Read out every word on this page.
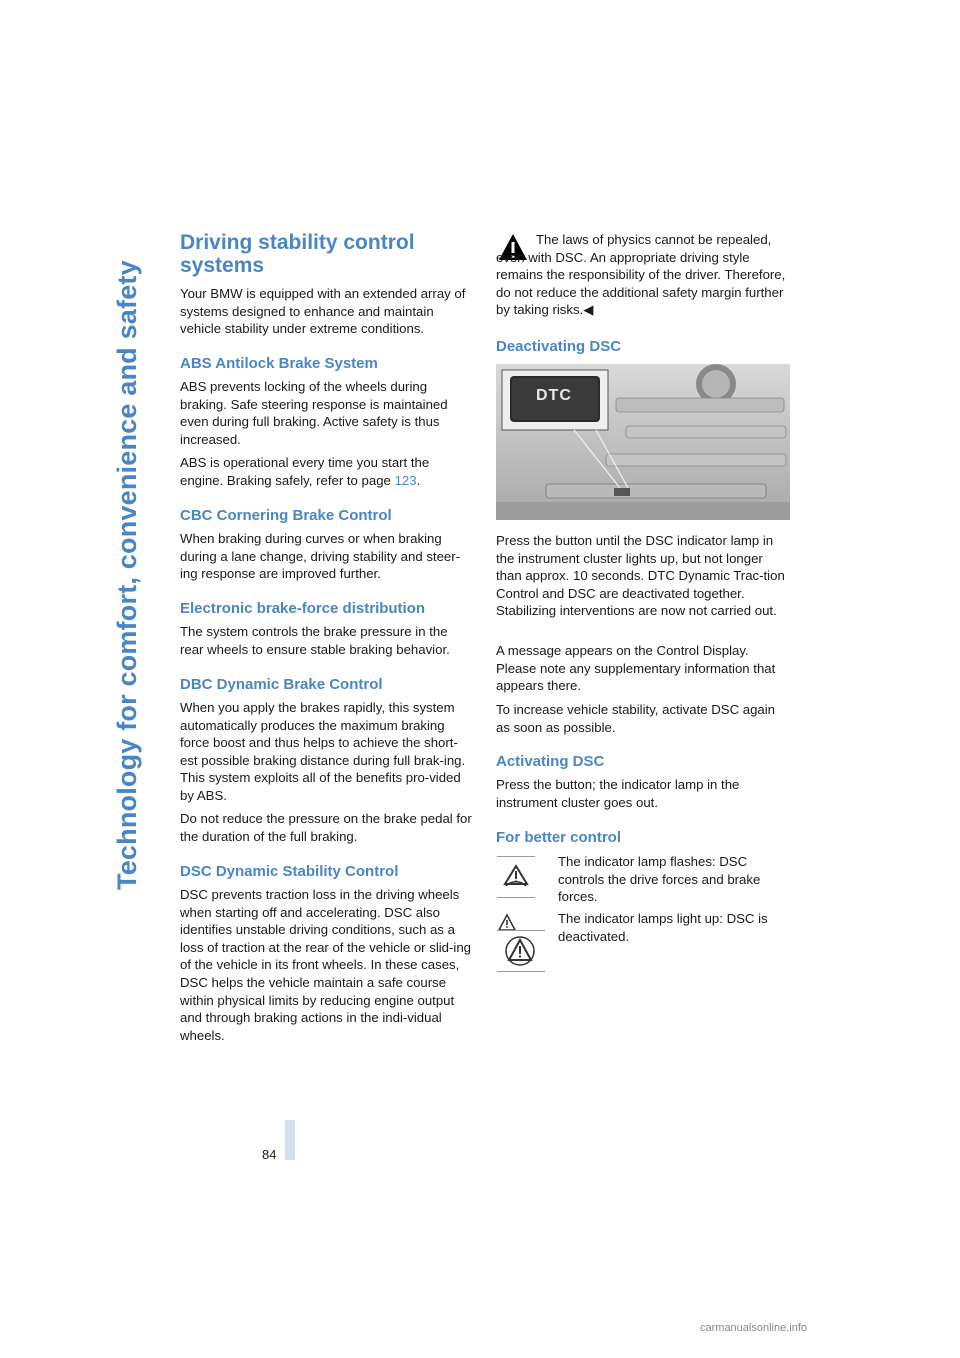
Technology for comfort, convenience and safety
Driving stability control systems

Your BMW is equipped with an extended array of systems designed to enhance and maintain vehicle stability under extreme conditions.

ABS Antilock Brake System

ABS prevents locking of the wheels during braking. Safe steering response is maintained even during full braking. Active safety is thus increased.

ABS is operational every time you start the engine. Braking safely, refer to page 123.

CBC Cornering Brake Control

When braking during curves or when braking during a lane change, driving stability and steer-ing response are improved further.

Electronic brake-force distribution

The system controls the brake pressure in the rear wheels to ensure stable braking behavior.

DBC Dynamic Brake Control

When you apply the brakes rapidly, this system automatically produces the maximum braking force boost and thus helps to achieve the short-est possible braking distance during full brak-ing. This system exploits all of the benefits pro-vided by ABS.

Do not reduce the pressure on the brake pedal for the duration of the full braking.

DSC Dynamic Stability Control

DSC prevents traction loss in the driving wheels when starting off and accelerating. DSC also identifies unstable driving conditions, such as a loss of traction at the rear of the vehicle or slid-ing of the vehicle in its front wheels. In these cases, DSC helps the vehicle maintain a safe course within physical limits by reducing engine output and through braking actions in the indi-vidual wheels.

The laws of physics cannot be repealed, even with DSC. An appropriate driving style remains the responsibility of the driver. Therefore, do not reduce the additional safety margin further by taking risks.◀

Deactivating DSC
DTC

Press the button until the DSC indicator lamp in the instrument cluster lights up, but not longer than approx. 10 seconds. DTC Dynamic Trac-tion Control and DSC are deactivated together. Stabilizing interventions are now not carried out.

A message appears on the Control Display. Please note any supplementary information that appears there.

To increase vehicle stability, activate DSC again as soon as possible.

Activating DSC

Press the button; the indicator lamp in the instrument cluster goes out.

For better control

The indicator lamp flashes: DSC controls the drive forces and brake forces.

The indicator lamps light up: DSC is deactivated.

84
carmanualsonline.info
